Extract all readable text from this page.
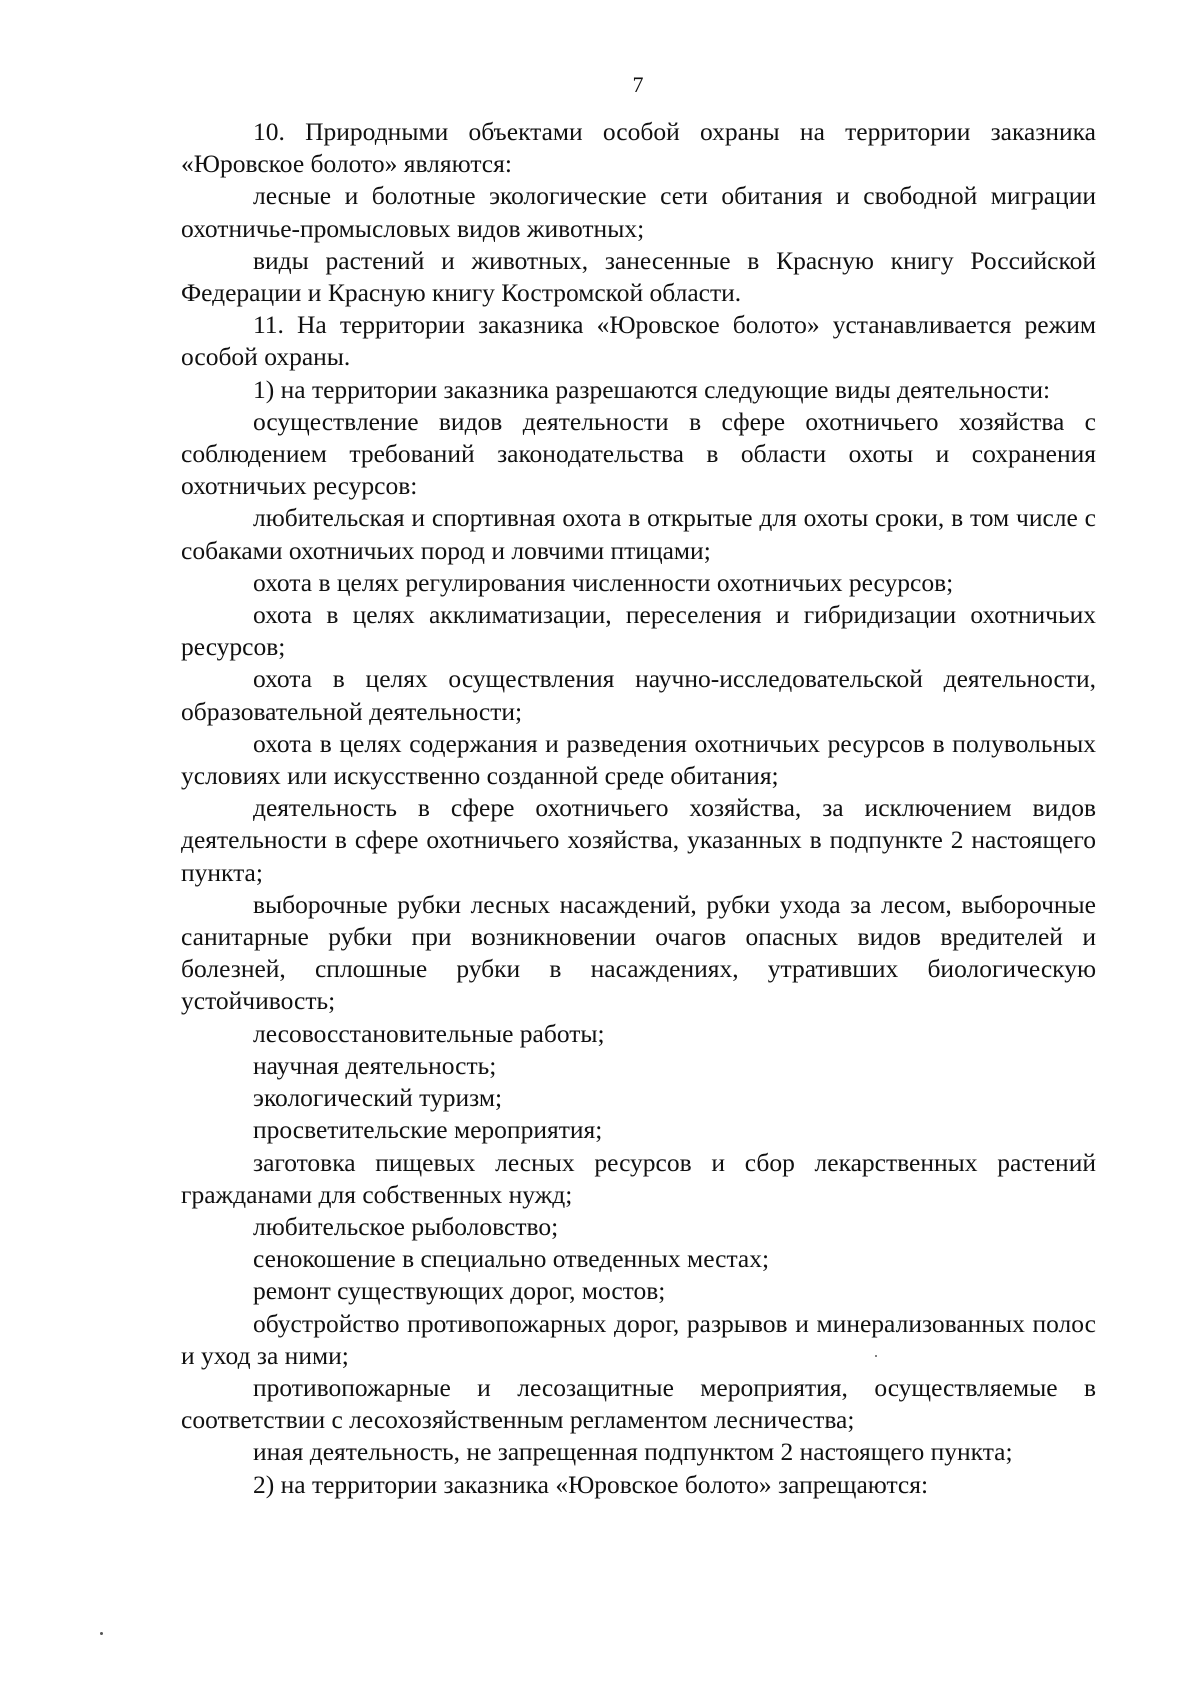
7

10. Природными объектами особой охраны на территории заказника «Юровское болото» являются:

лесные и болотные экологические сети обитания и свободной миграции охотничье-промысловых видов животных;

виды растений и животных, занесенные в Красную книгу Российской Федерации и Красную книгу Костромской области.

11. На территории заказника «Юровское болото» устанавливается режим особой охраны.

1) на территории заказника разрешаются следующие виды деятельности:

осуществление видов деятельности в сфере охотничьего хозяйства с соблюдением требований законодательства в области охоты и сохранения охотничьих ресурсов:

любительская и спортивная охота в открытые для охоты сроки, в том числе с собаками охотничьих пород и ловчими птицами;

охота в целях регулирования численности охотничьих ресурсов;

охота в целях акклиматизации, переселения и гибридизации охотничьих ресурсов;

охота в целях осуществления научно-исследовательской деятельности, образовательной деятельности;

охота в целях содержания и разведения охотничьих ресурсов в полувольных условиях или искусственно созданной среде обитания;

деятельность в сфере охотничьего хозяйства, за исключением видов деятельности в сфере охотничьего хозяйства, указанных в подпункте 2 настоящего пункта;

выборочные рубки лесных насаждений, рубки ухода за лесом, выборочные санитарные рубки при возникновении очагов опасных видов вредителей и болезней, сплошные рубки в насаждениях, утративших биологическую устойчивость;

лесовосстановительные работы;

научная деятельность;

экологический туризм;

просветительские мероприятия;

заготовка пищевых лесных ресурсов и сбор лекарственных растений гражданами для собственных нужд;

любительское рыболовство;

сенокошение в специально отведенных местах;

ремонт существующих дорог, мостов;

обустройство противопожарных дорог, разрывов и минерализованных полос и уход за ними;

противопожарные и лесозащитные мероприятия, осуществляемые в соответствии с лесохозяйственным регламентом лесничества;

иная деятельность, не запрещенная подпунктом 2 настоящего пункта;

2) на территории заказника «Юровское болото» запрещаются:
